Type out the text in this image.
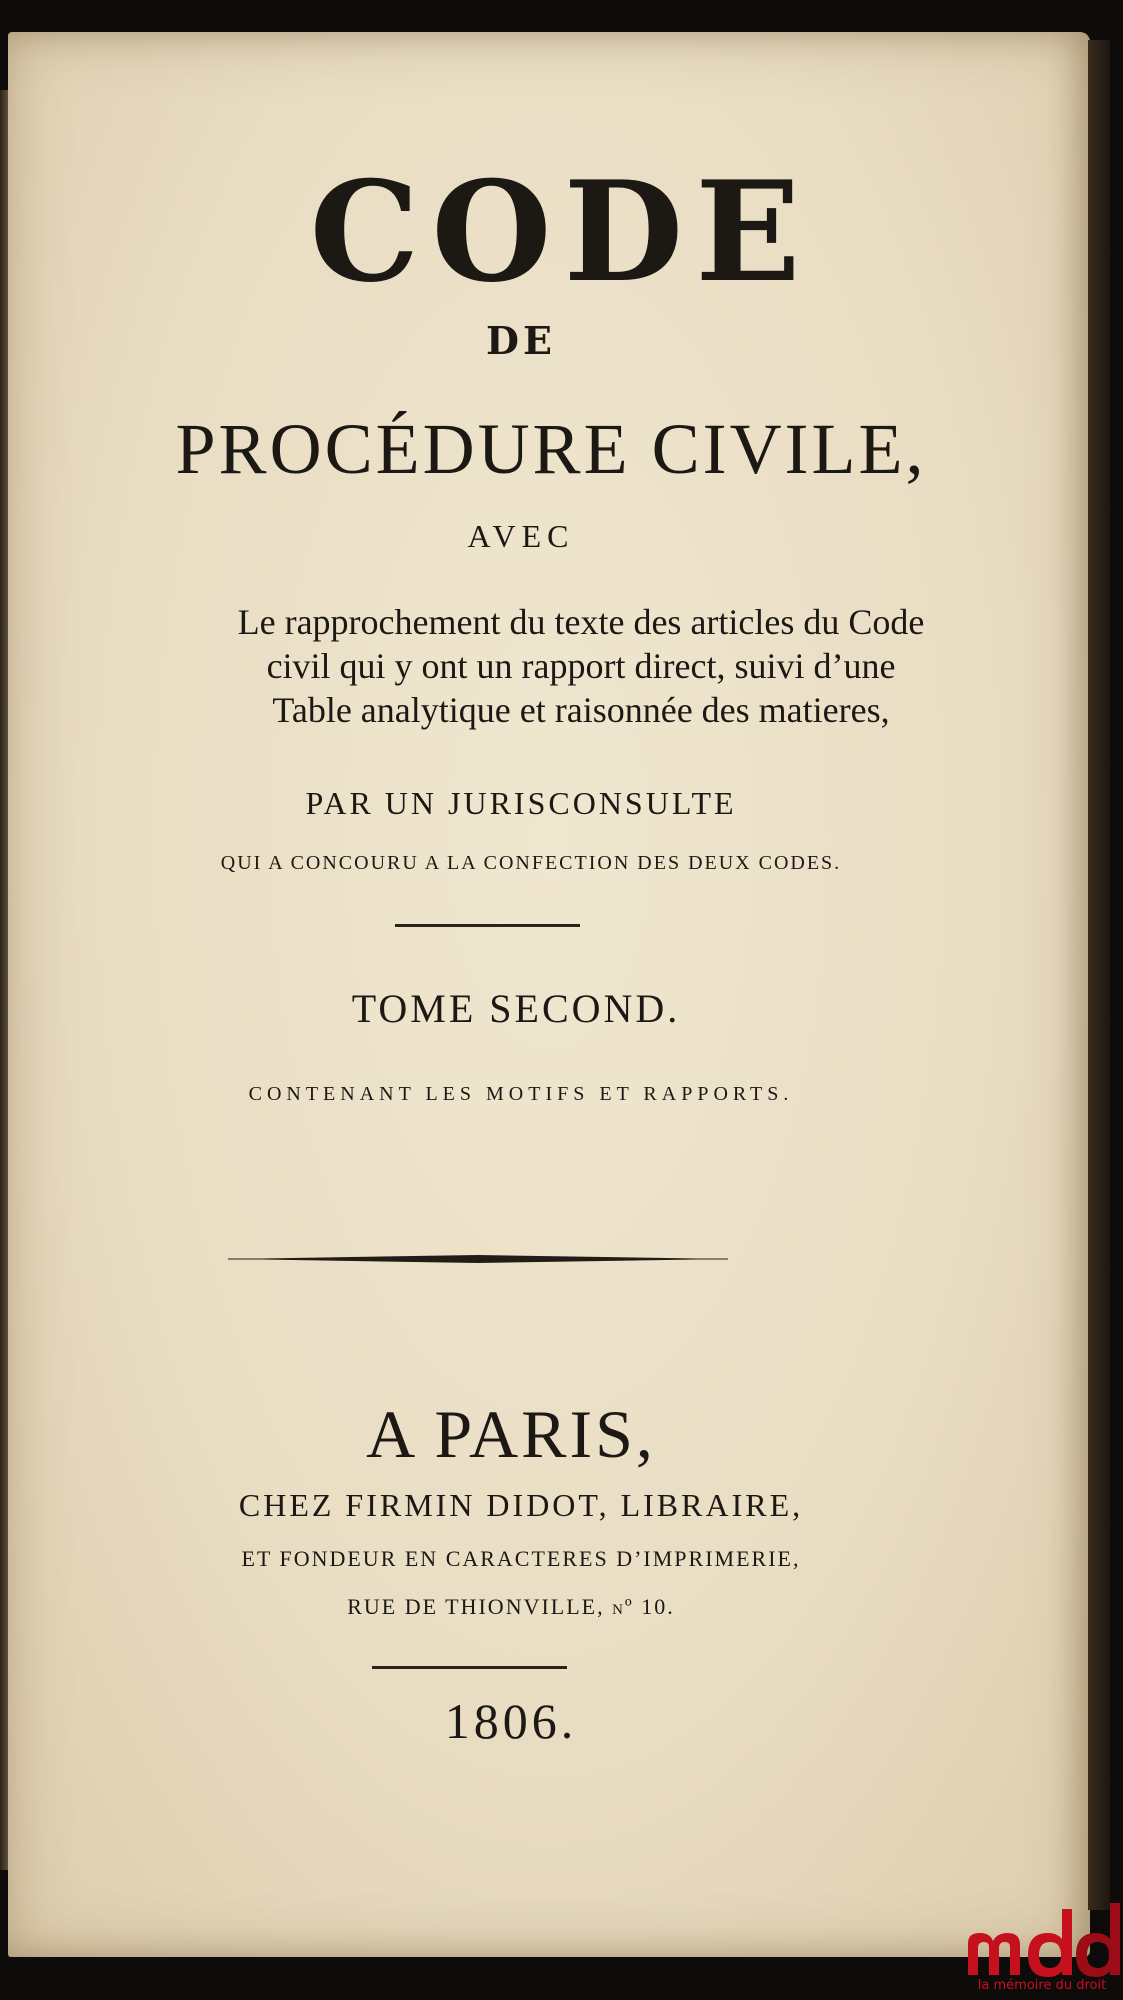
CODE

DE

PROCÉDURE CIVILE,

AVEC

Le rapprochement du texte des articles du Code
civil qui y ont un rapport direct, suivi d’une
Table analytique et raisonnée des matieres,

PAR UN JURISCONSULTE

QUI A CONCOURU A LA CONFECTION DES DEUX CODES.

TOME SECOND.

CONTENANT LES MOTIFS ET RAPPORTS.

A PARIS,

CHEZ FIRMIN DIDOT, LIBRAIRE,

ET FONDEUR EN CARACTERES D’IMPRIMERIE,

RUE DE THIONVILLE, nº 10.

1806.

la mémoire du droit
